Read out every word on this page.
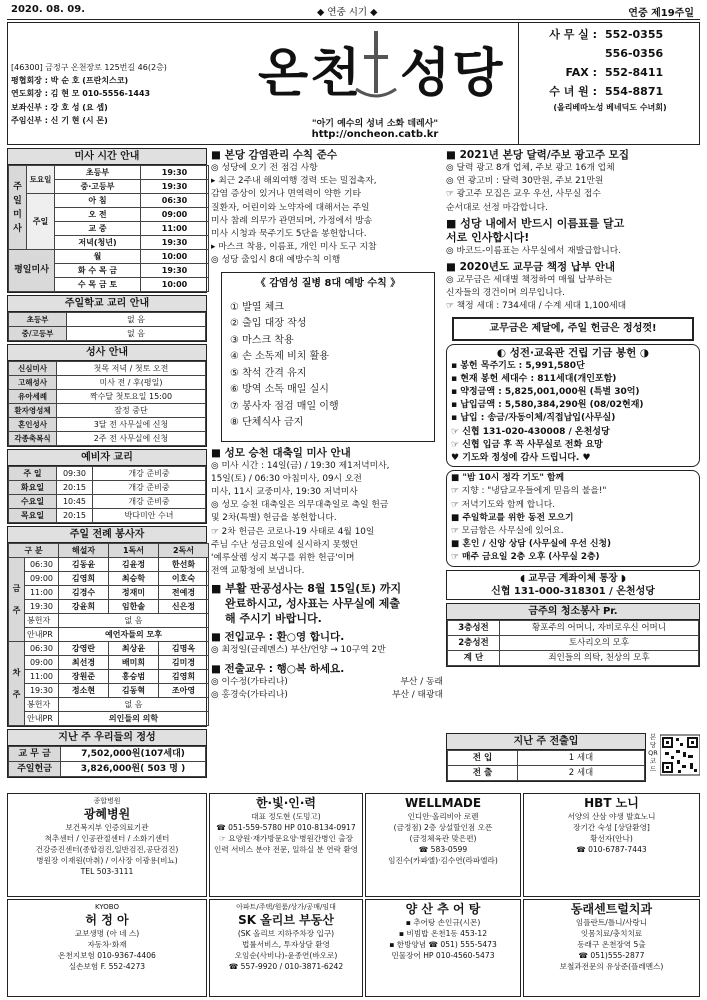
2020. 08. 09.	◆ 연중 시기 ◆	연중 제19주일
[46300] 금정구 온천장로 125번길 46(2층)
평협회장 : 박 순 호 (프란치스코)
연도회장 : 김 현 모 010-5556-1443
보좌신부 : 강 호 성 (요 셉)
주임신부 : 신 기 현 (시 몬)
온천 성당
"아기 예수의 성녀 소화 데레사"
http://oncheon.catb.kr
사 무 실 : 552-0355
556-0356
FAX : 552-8411
수 녀 원 : 554-8871
(올리베따노성 베네딕도 수녀회)
미사 시간 안내
주
일
미
사	토요일	초등부	19:30
		중·고등부	19:30
	주일	아 침	06:30
		오 전	09:00
		교 중	11:00
		저녁(청년)	19:30
평일미사		월	10:00
		화 수 목 금	19:30
		수 목 금 토	10:00
주일학교 교리 안내
초등부	없 음
중/고등부	없 음
성사 안내
신심미사	첫목 저녁 / 첫토 오전
고해성사	미사 전 / 후(평일)
유아세례	짝수달 첫토요일 15:00
환자영성체	잠정 중단
혼인성사	3달 전 사무실에 신청
각종축복식	2주 전 사무실에 신청
예비자 교리
주 일	09:30	개강 준비중
화요일	20:15	개강 준비중
수요일	10:45	개강 준비중
목요일	20:15	박다미안 수녀
주일 전례 봉사자
구 분		해설자	1독서	2독서

금
주	06:30	김동윤	김윤정	한선화
	09:00	김영희	최승학	이호숙
	11:00	김경수	정재미	전예경
	19:30	강윤희	임한솔	신은정
	봉헌자	없 음		
	안내PR	예언자들의 모후		

차
주	06:30	강영란	최상윤	김명옥
	09:00	최선경	배미희	김미경
	11:00	장원준	홍승범	김영희
	19:30	정소현	김동혁	조아영
	봉헌자	없 음		
	안내PR	의인들의 의학		
지난 주 우리들의 정성
교 무 금	7,502,000원(107세대)
주일헌금	3,826,000원( 503 명 )
■ 본당 감염관리 수칙 준수
◎ 성당에 오기 전 점검 사항
▸ 최근 2주내 해외여행 경력 또는 밀접촉자,
감염 증상이 있거나 면역력이 약한 기타
질환자, 어린이와 노약자에 대해서는 주일
미사 참례 의무가 관면되며, 가정에서 방송
미사 시청과 묵주기도 5단을 봉헌합니다.
▸ 마스크 착용, 이름표, 개인 미사 도구 지참
◎ 성당 출입시 8대 예방수칙 이행
《 감염성 질병 8대 예방 수칙 》
① 발열 체크
② 출입 대장 작성
③ 마스크 착용
④ 손 소독제 비치 활용
⑤ 착석 간격 유지
⑥ 방역 소독 매일 실시
⑦ 봉사자 점검 매일 이행
⑧ 단체식사 금지
■ 성모 승천 대축일 미사 안내
◎ 미사 시간 : 14일(금) / 19:30 제1저녁미사,
15일(토) / 06:30 아침미사, 09시 오전
미사, 11시 교중미사, 19:30 저녁미사
◎ 성모 승천 대축일은 의무대축일로 축일 헌금
및 2차(특별) 헌금을 봉헌합니다.
☞ 2차 헌금은 코로나-19 사태로 4월 10일
주님 수난 성금요일에 실시하지 못했던
'예루살렘 성지 복구를 위한 헌금'이며
전액 교황청에 보냅니다.
■ 부활 판공성사는 8월 15일(토) 까지
완료하시고, 성사표는 사무실에 제출
해 주시기 바랍니다.
■ 전입교우 : 환○영 합니다.
◎ 최정일(글레멘스) 부산/언양 → 10구역 2반
■ 전출교우 : 행○복 하세요.
◎ 이수정(가타리나)	부산 / 동래
◎ 홍경숙(가타리나)	부산 / 태광대
■ 2021년 본당 달력/주보 광고주 모집
◎ 달력 광고 8개 업체, 주보 광고 16개 업체
◎ 연 광고비 : 달력 30만원, 주보 21만원
☞ 광고주 모집은 교우 우선, 사무실 접수
순서대로 선정 마감합니다.
■ 성당 내에서 반드시 이름표를 달고
서로 인사합시다!
◎ 바코드-이름표는 사무실에서 재발급합니다.
■ 2020년도 교무금 책정 납부 안내
◎ 교무금은 세대별 책정하여 매월 납부하는
신자들의 경건이며 의무입니다.
☞ 책정 세대 : 734세대 / 수계 세대 1,100세대
교무금은 제달에, 주일 헌금은 정성껏!
◐ 성전·교육관 건립 기금 봉헌 ◑
▪ 봉헌 목주기도 : 5,991,580단
▪ 현재 봉헌 세대수 : 811세대(개인포함)
▪ 약정금액 : 5,825,001,000원 (특별 30억)
▪ 납입금액 : 5,580,384,290원 (08/02현재)
▪ 납입 : 송금/자동이체/직접납입(사무실)
☞ 신협 131-020-430008 / 온천성당
☞ 신협 입금 후 꼭 사무실로 전화 요망
♥ 기도와 정성에 감사 드립니다. ♥
■ "밤 10시 정각 기도" 함께
☞ 지향 : "냉담교우들에게 믿음의 불을!"
☞ 저녁기도와 함께 합니다.
■ 주일학교를 위한 동전 모으기
☞ 모금함은 사무실에 있어요.
■ 혼인 / 신앙 상담 (사무실에 우선 신청)
☞ 매주 금요일 2층 오후 (사무실 2층)
◖ 교무금 계좌이체 통장 ◗
신협 131-000-318301 / 온천성당
금주의 청소봉사 Pr.
3층성전	황포주의 어머니, 자비로우신 어머니
2층성전	토사리오의 모후
계 단	죄인들의 의탁, 천상의 모후
지난 주 전출입
전 입	1 세대
전 출	2 세대
본당QR코드
종합병원
광혜병원
보건복지부 인증의료기관
척추센터 / 인공관절센터 / 소화기센터
건강증진센터(종합검진,일반검진,공단검진)
병원장 이재원(마취) / 이사장 이광용(비뇨)
TEL 503-3111
한·빛·인·력
대표 정도현 (도밍고)
☎ 051-559-5780 HP 010-8134-0917
☞ 요양원·재가방문요양·병원간병인 출장
인력 서비스 분야 전문, 일하실 분 연락 환영
WELLMADE
인디안·올리비아 로렌
(금정점) 2층 상설할인점 오픈
(금정체육관 맞은편)
☎ 583-0599
임진수(카파엘)·김수연(라파엘라)
HBT 노니
서양의 산삼 야생 발효노니
장기간 숙성 [상담환영]
황선자(안나)
☎ 010-6787-7443
KYOBO
허 정 아
교보생명 (아 네 스)
자동차·화재
온천지보험 010-9367-4406
실손보험 F. 552-4273
아파트/주택/원룸/상가/공매/임대
SK 올리브 부동산
(SK 올리브 지하주차장 입구)
법률서비스, 투자상담 환영
오임순(사비나)-윤종연(바오로)
☎ 557-9920 / 010-3871-6242
양 산 추 어 탕
▪ 추어탕 손인규(시몬)
▪ 비빔밥 온천1동 453-12
▪ 한방양념 ☎ 051) 555-5473
민물장어 HP 010-4560-5473
동래센트럴치과
임플란트/틀니/사랑니
잇몸치료/충치치료
동래구 온천장역 5출
☎ 051)555-2877
보철과전문의 유상준(플레멘스)
